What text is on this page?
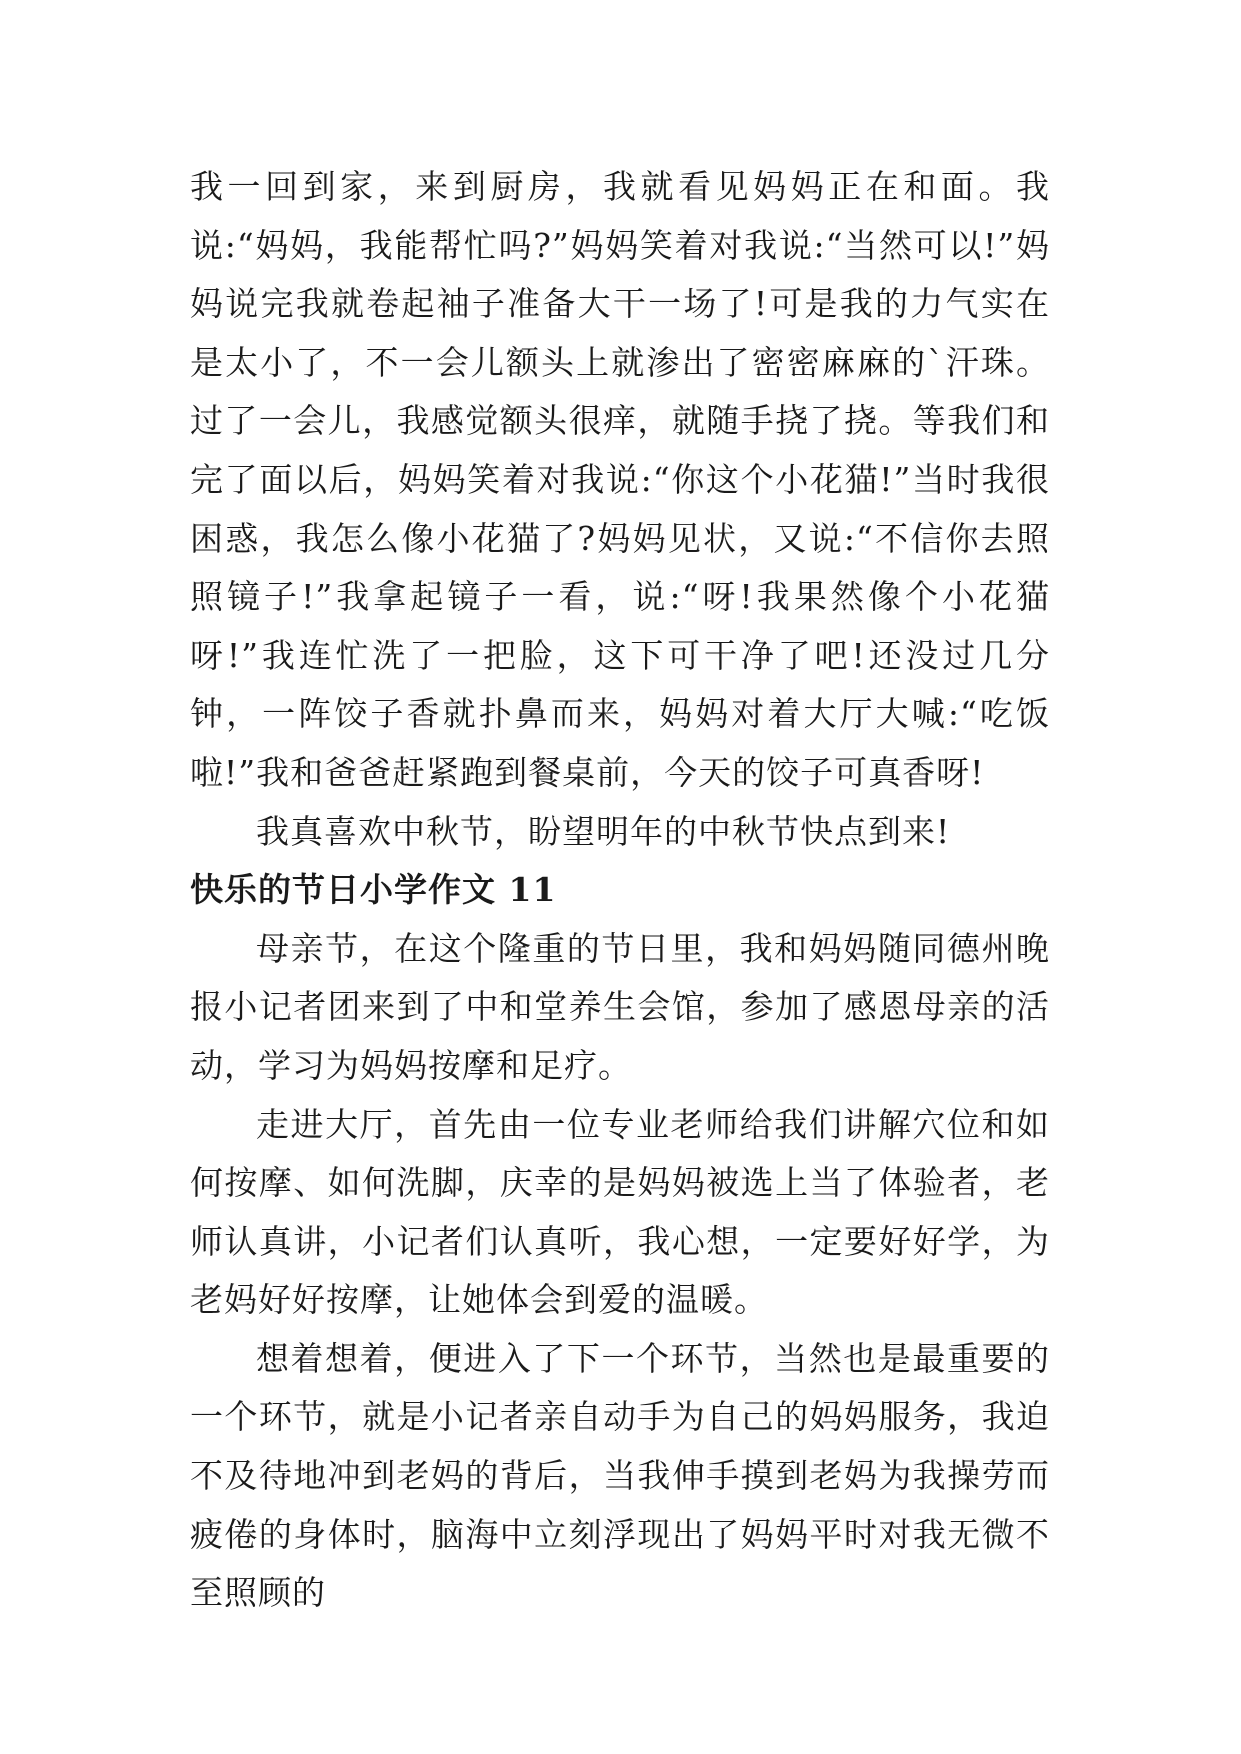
我一回到家，来到厨房，我就看见妈妈正在和面。我说:“妈妈，我能帮忙吗?”妈妈笑着对我说:“当然可以!”妈妈说完我就卷起袖子准备大干一场了!可是我的力气实在是太小了，不一会儿额头上就渗出了密密麻麻的`汗珠。过了一会儿，我感觉额头很痒，就随手挠了挠。等我们和完了面以后，妈妈笑着对我说:“你这个小花猫!”当时我很困惑，我怎么像小花猫了?妈妈见状，又说:“不信你去照照镜子!”我拿起镜子一看，说:“呀!我果然像个小花猫呀!”我连忙洗了一把脸，这下可干净了吧!还没过几分钟，一阵饺子香就扑鼻而来，妈妈对着大厅大喊:“吃饭啦!”我和爸爸赶紧跑到餐桌前，今天的饺子可真香呀!

我真喜欢中秋节，盼望明年的中秋节快点到来!

快乐的节日小学作文 11

母亲节，在这个隆重的节日里，我和妈妈随同德州晚报小记者团来到了中和堂养生会馆，参加了感恩母亲的活动，学习为妈妈按摩和足疗。

走进大厅，首先由一位专业老师给我们讲解穴位和如何按摩、如何洗脚，庆幸的是妈妈被选上当了体验者，老师认真讲，小记者们认真听，我心想，一定要好好学，为老妈好好按摩，让她体会到爱的温暖。

想着想着，便进入了下一个环节，当然也是最重要的一个环节，就是小记者亲自动手为自己的妈妈服务，我迫不及待地冲到老妈的背后，当我伸手摸到老妈为我操劳而疲倦的身体时，脑海中立刻浮现出了妈妈平时对我无微不至照顾的
